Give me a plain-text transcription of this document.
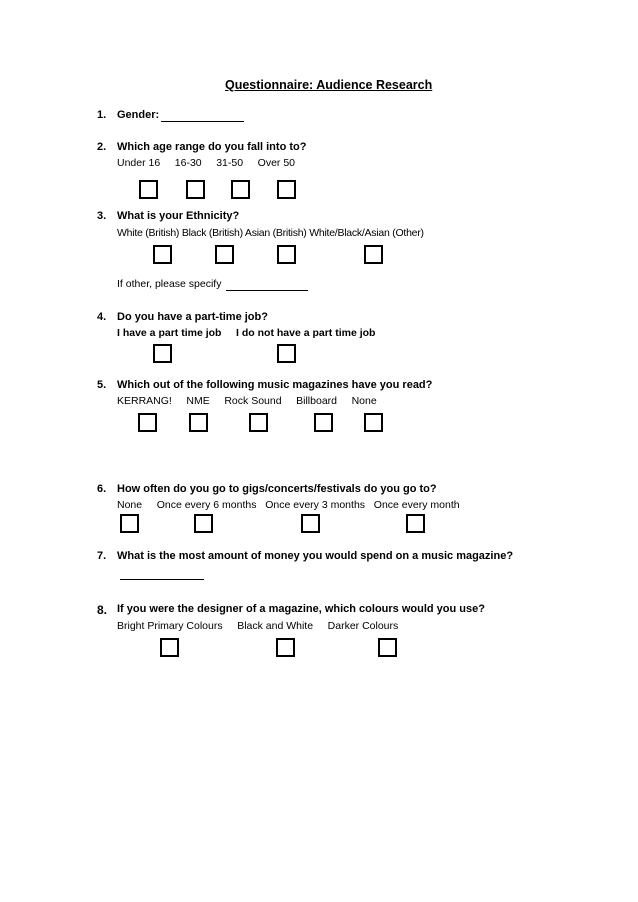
Questionnaire: Audience Research
1. Gender:
2. Which age range do you fall into to?
Under 16     16-30     31-50     Over 50
3. What is your Ethnicity?
White (British) Black (British) Asian (British) White/Black/Asian (Other)
If other, please specify
4. Do you have a part-time job?
I have a part time job     I do not have a part time job
5. Which out of the following music magazines have you read?
KERRANG!     NME     Rock Sound     Billboard     None
6. How often do you go to gigs/concerts/festivals do you go to?
None     Once every 6 months   Once every 3 months   Once every month
7. What is the most amount of money you would spend on a music magazine?
8. If you were the designer of a magazine, which colours would you use?
Bright Primary Colours     Black and White     Darker Colours
